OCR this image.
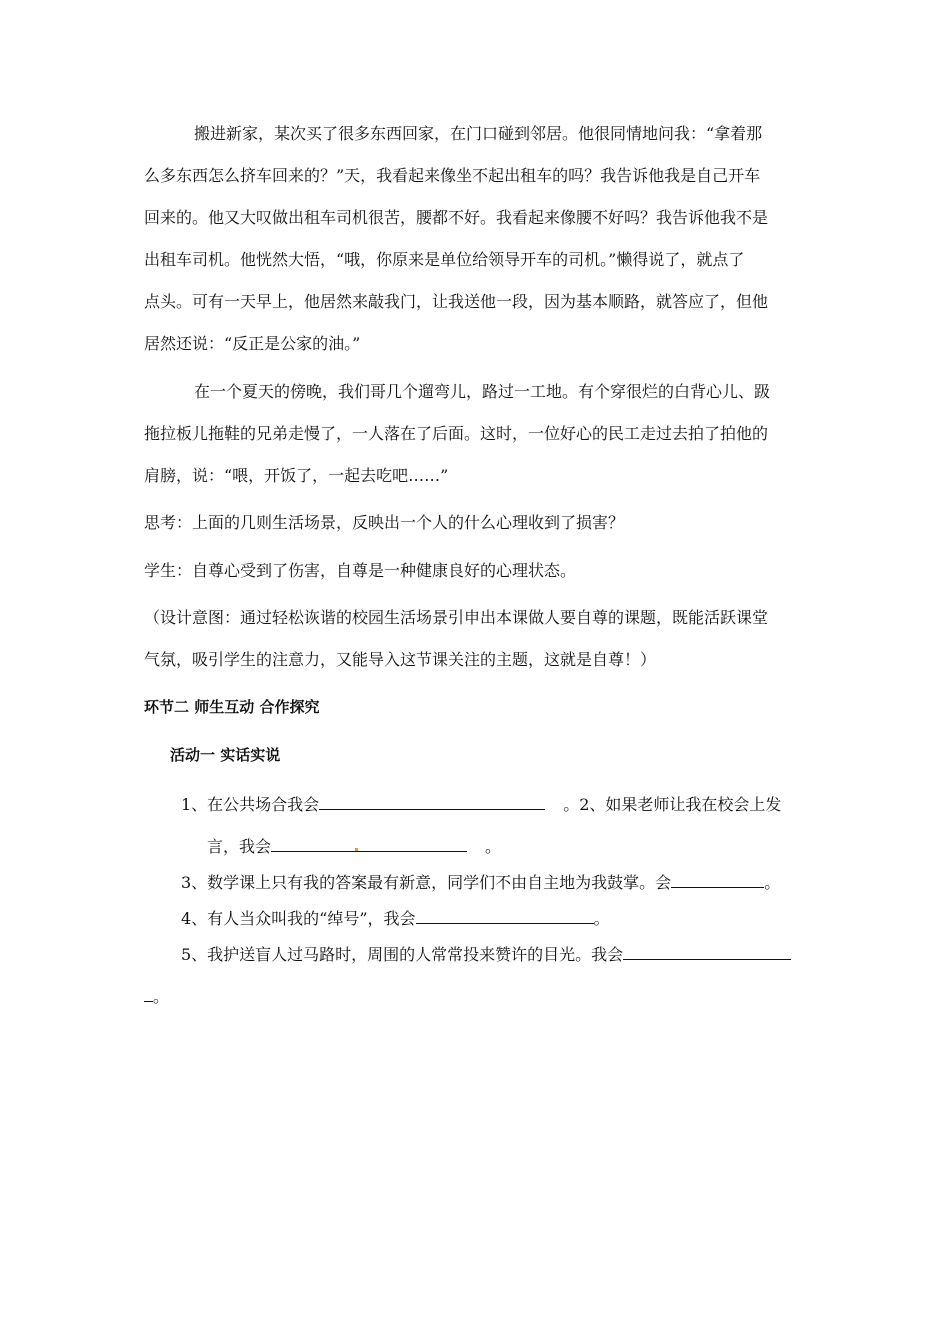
搬进新家，某次买了很多东西回家，在门口碰到邻居。他很同情地问我：“拿着那
么多东西怎么挤车回来的？”天，我看起来像坐不起出租车的吗？我告诉他我是自己开车
回来的。他又大叹做出租车司机很苦，腰都不好。我看起来像腰不好吗？我告诉他我不是
出租车司机。他恍然大悟，“哦，你原来是单位给领导开车的司机。”懒得说了，就点了
点头。可有一天早上，他居然来敲我门，让我送他一段，因为基本顺路，就答应了，但他
居然还说：“反正是公家的油。”
在一个夏天的傍晚，我们哥几个遛弯儿，路过一工地。有个穿很烂的白背心儿、趿
拖拉板儿拖鞋的兄弟走慢了，一人落在了后面。这时，一位好心的民工走过去拍了拍他的
肩膀，说：“喂，开饭了，一起去吃吧……”
思考：上面的几则生活场景，反映出一个人的什么心理收到了损害？
学生：自尊心受到了伤害，自尊是一种健康良好的心理状态。
（设计意图：通过轻松诙谐的校园生活场景引申出本课做人要自尊的课题，既能活跃课堂
气氛，吸引学生的注意力，又能导入这节课关注的主题，这就是自尊！）
环节二 师生互动 合作探究
活动一 实话实说
1、在公共场合我会	。2、如果老师让我在校会上发
言，我会	。
3、数学课上只有我的答案最有新意，同学们不由自主地为我鼓掌。会	。
4、有人当众叫我的“绰号”，我会	。
5、我护送盲人过马路时，周围的人常常投来赞许的目光。我会
。
